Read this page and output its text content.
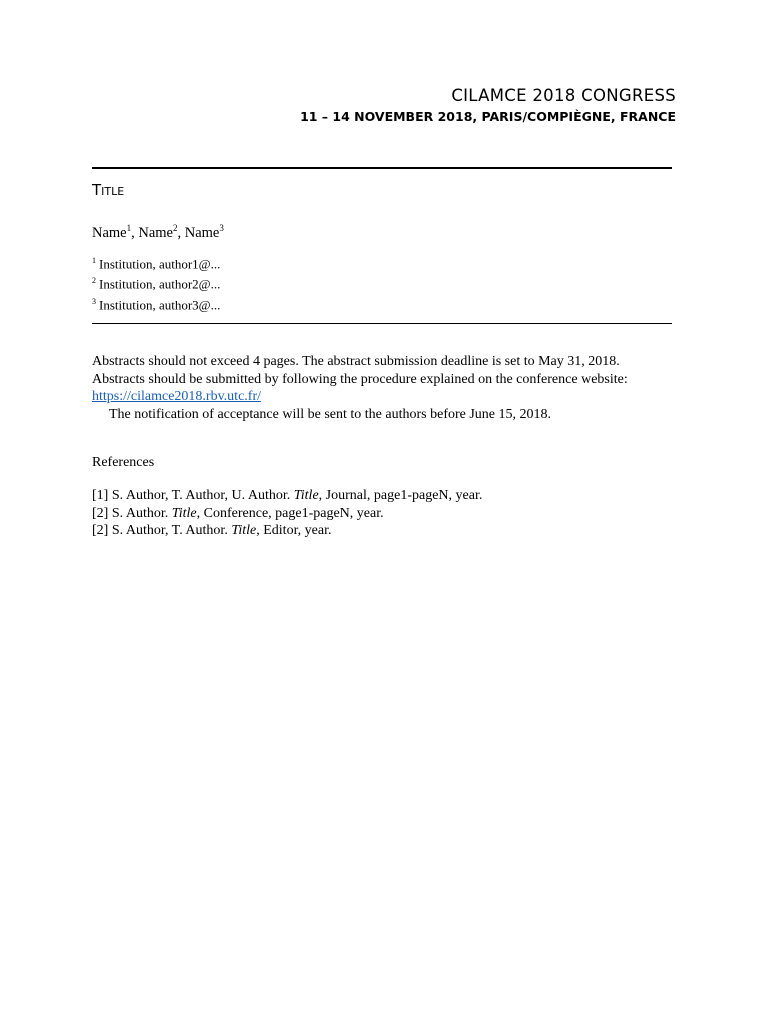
CILAMCE 2018 CONGRESS
11 – 14 NOVEMBER 2018, PARIS/COMPIÈGNE, FRANCE
Title
Name$^1$, Name$^2$, Name$^3$
$^1$ Institution, author1@...
$^2$ Institution, author2@...
$^3$ Institution, author3@...
Abstracts should not exceed 4 pages. The abstract submission deadline is set to May 31, 2018.
Abstracts should be submitted by following the procedure explained on the conference website:
https://cilamce2018.rbv.utc.fr/
The notification of acceptance will be sent to the authors before June 15, 2018.
References
[1] S. Author, T. Author, U. Author. Title, Journal, page1-pageN, year.
[2] S. Author. Title, Conference, page1-pageN, year.
[2] S. Author, T. Author. Title, Editor, year.
